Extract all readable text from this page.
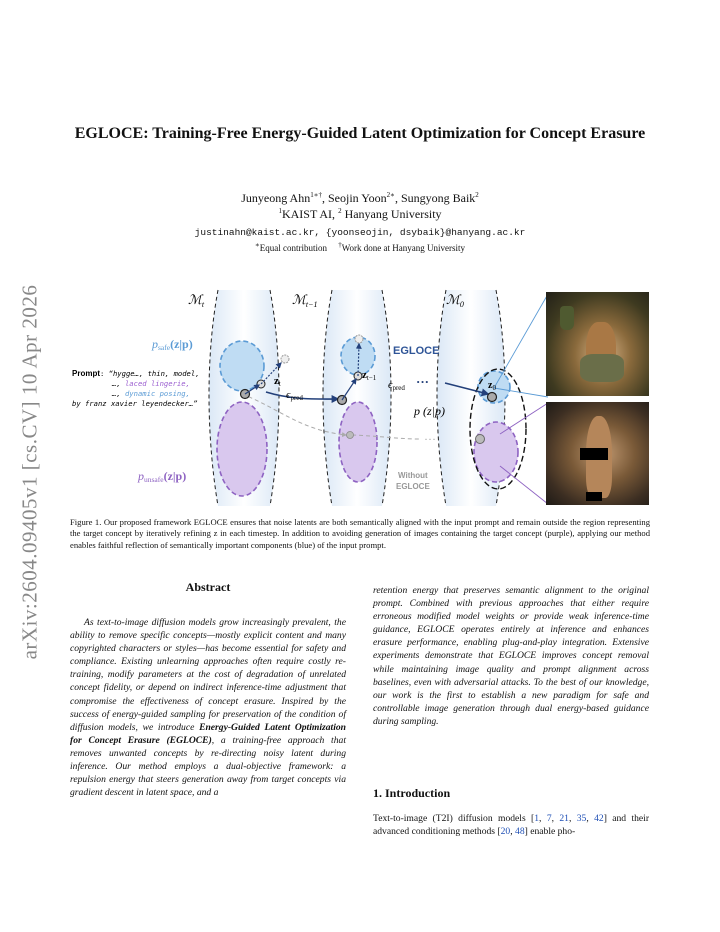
arXiv:2604.09405v1 [cs.CV] 10 Apr 2026
EGLOCE: Training-Free Energy-Guided Latent Optimization for Concept Erasure
Junyeong Ahn$^{1∗\dagger}$, Seojin Yoon$^{2∗}$, Sungyong Baik$^2$
$^1$KAIST AI, $^2$ Hanyang University
justinahn@kaist.ac.kr, {yoonseojin, dsybaik}@hanyang.ac.kr
∗Equal contribution †Work done at Hanyang University
ℳ$_t$	ℳ$_{t-1}$	ℳ$_0$
psafe(z|p)
punsafe(z|p)
p (z|p)
EGLOCE
Without
EGLOCE
zt
zt−1
$z_0$
ϵpred
ϵpred ···
···
Prompt: “hygge…, thin, model,
…, laced lingerie,
…, dynamic posing,
by franz xavier leyendecker…”
Figure 1. Our proposed framework EGLOCE ensures that noise latents are both semantically aligned with the input prompt and remain outside the region representing the target concept by iteratively refining z in each timestep. In addition to avoiding generation of images containing the target concept (purple), applying our method enables faithful reflection of semantically important components (blue) of the input prompt.
Abstract
As text-to-image diffusion models grow increasingly prevalent, the ability to remove specific concepts—mostly explicit content and many copyrighted characters or styles—has become essential for safety and compliance. Existing unlearning approaches often require costly re-training, modify parameters at the cost of degradation of unrelated concept fidelity, or depend on indirect inference-time adjustment that compromise the effectiveness of concept erasure. Inspired by the success of energy-guided sampling for preservation of the condition of diffusion models, we introduce Energy-Guided Latent Optimization for Concept Erasure (EGLOCE), a training-free approach that removes unwanted concepts by re-directing noisy latent during inference. Our method employs a dual-objective framework: a repulsion energy that steers generation away from target concepts via gradient descent in latent space, and a
retention energy that preserves semantic alignment to the original prompt. Combined with previous approaches that either require erroneous modified model weights or provide weak inference-time guidance, EGLOCE operates entirely at inference and enhances erasure performance, enabling plug-and-play integration. Extensive experiments demonstrate that EGLOCE improves concept removal while maintaining image quality and prompt alignment across baselines, even with adversarial attacks. To the best of our knowledge, our work is the first to establish a new paradigm for safe and controllable image generation through dual energy-based guidance during sampling.
1. Introduction
Text-to-image (T2I) diffusion models [1, 7, 21, 35, 42] and their advanced conditioning methods [20, 48] enable pho-
